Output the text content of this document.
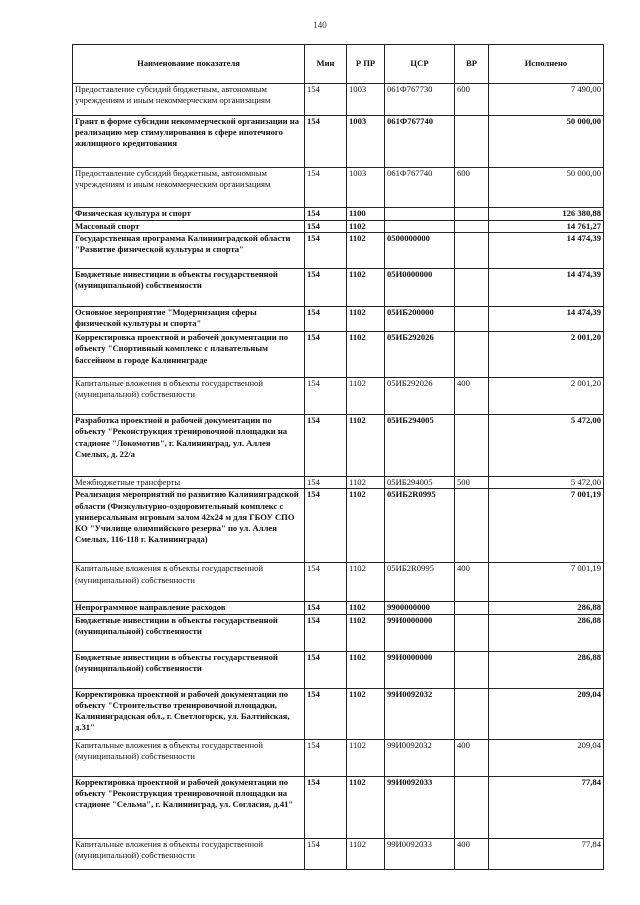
140
Наименование показателя	Мин	Р ПР	ЦСР	ВР	Исполнено
Предоставление субсидий бюджетным, автономным учреждениям и иным некоммерческим организациям	154	1003	061Ф767730	600	7 490,00
Грант в форме субсидии некоммерческой организации на реализацию мер стимулирования в сфере ипотечного жилищного кредитования	154	1003	061Ф767740		50 000,00
Предоставление субсидий бюджетным, автономным учреждениям и иным некоммерческим организациям	154	1003	061Ф767740	600	50 000,00
Физическая культура и спорт	154	1100			126 380,88
Массовый спорт	154	1102			14 761,27
Государственная программа Калининградской области "Развитие физической культуры и спорта"	154	1102	0500000000		14 474,39
Бюджетные инвестиции в объекты государственной (муниципальной) собственности	154	1102	05И0000000		14 474,39
Основное мероприятие "Модернизация сферы физической культуры и спорта"	154	1102	05ИБ200000		14 474,39
Корректировка проектной и рабочей документации по объекту "Спортивный комплекс с плавательным бассейном в городе Калининграде	154	1102	05ИБ292026		2 001,20
Капитальные вложения в объекты государственной (муниципальной) собственности	154	1102	05ИБ292026	400	2 001,20
Разработка проектной и рабочей документации по объекту "Реконструкция тренировочной площадки на стадионе "Локомотив", г. Калининград, ул. Аллея Смелых, д. 22/а	154	1102	05ИБ294005		5 472,00
Межбюджетные трансферты	154	1102	05ИБ294005	500	5 472,00
Реализация мероприятий по развитию Калининградской области (Физкультурно-оздоровительный комплекс с универсальным игровым залом 42х24 м для ГБОУ СПО КО "Училище олимпийского резерва" по ул. Аллея Смелых, 116-118 г. Калининграда)	154	1102	05ИБ2R0995		7 001,19
Капитальные вложения в объекты государственной (муниципальной) собственности	154	1102	05ИБ2R0995	400	7 001,19
Непрограммное направление расходов	154	1102	9900000000		286,88
Бюджетные инвестиции в объекты государственной (муниципальной) собственности	154	1102	99И0000000		286,88
Бюджетные инвестиции в объекты государственной (муниципальной) собственности	154	1102	99И0000000		286,88
Корректировка проектной и рабочей документации по объекту "Строительство тренировочной площадки, Калининградская обл., г. Светлогорск, ул. Балтийская, д.31"	154	1102	99И0092032		209,04
Капитальные вложения в объекты государственной (муниципальной) собственности	154	1102	99И0092032	400	209,04
Корректировка проектной и рабочей документации по объекту "Реконструкция тренировочной площадки на стадионе "Сельма", г. Калининград, ул. Согласия, д.41"	154	1102	99И0092033		77,84
Капитальные вложения в объекты государственной (муниципальной) собственности	154	1102	99И0092033	400	77,84
